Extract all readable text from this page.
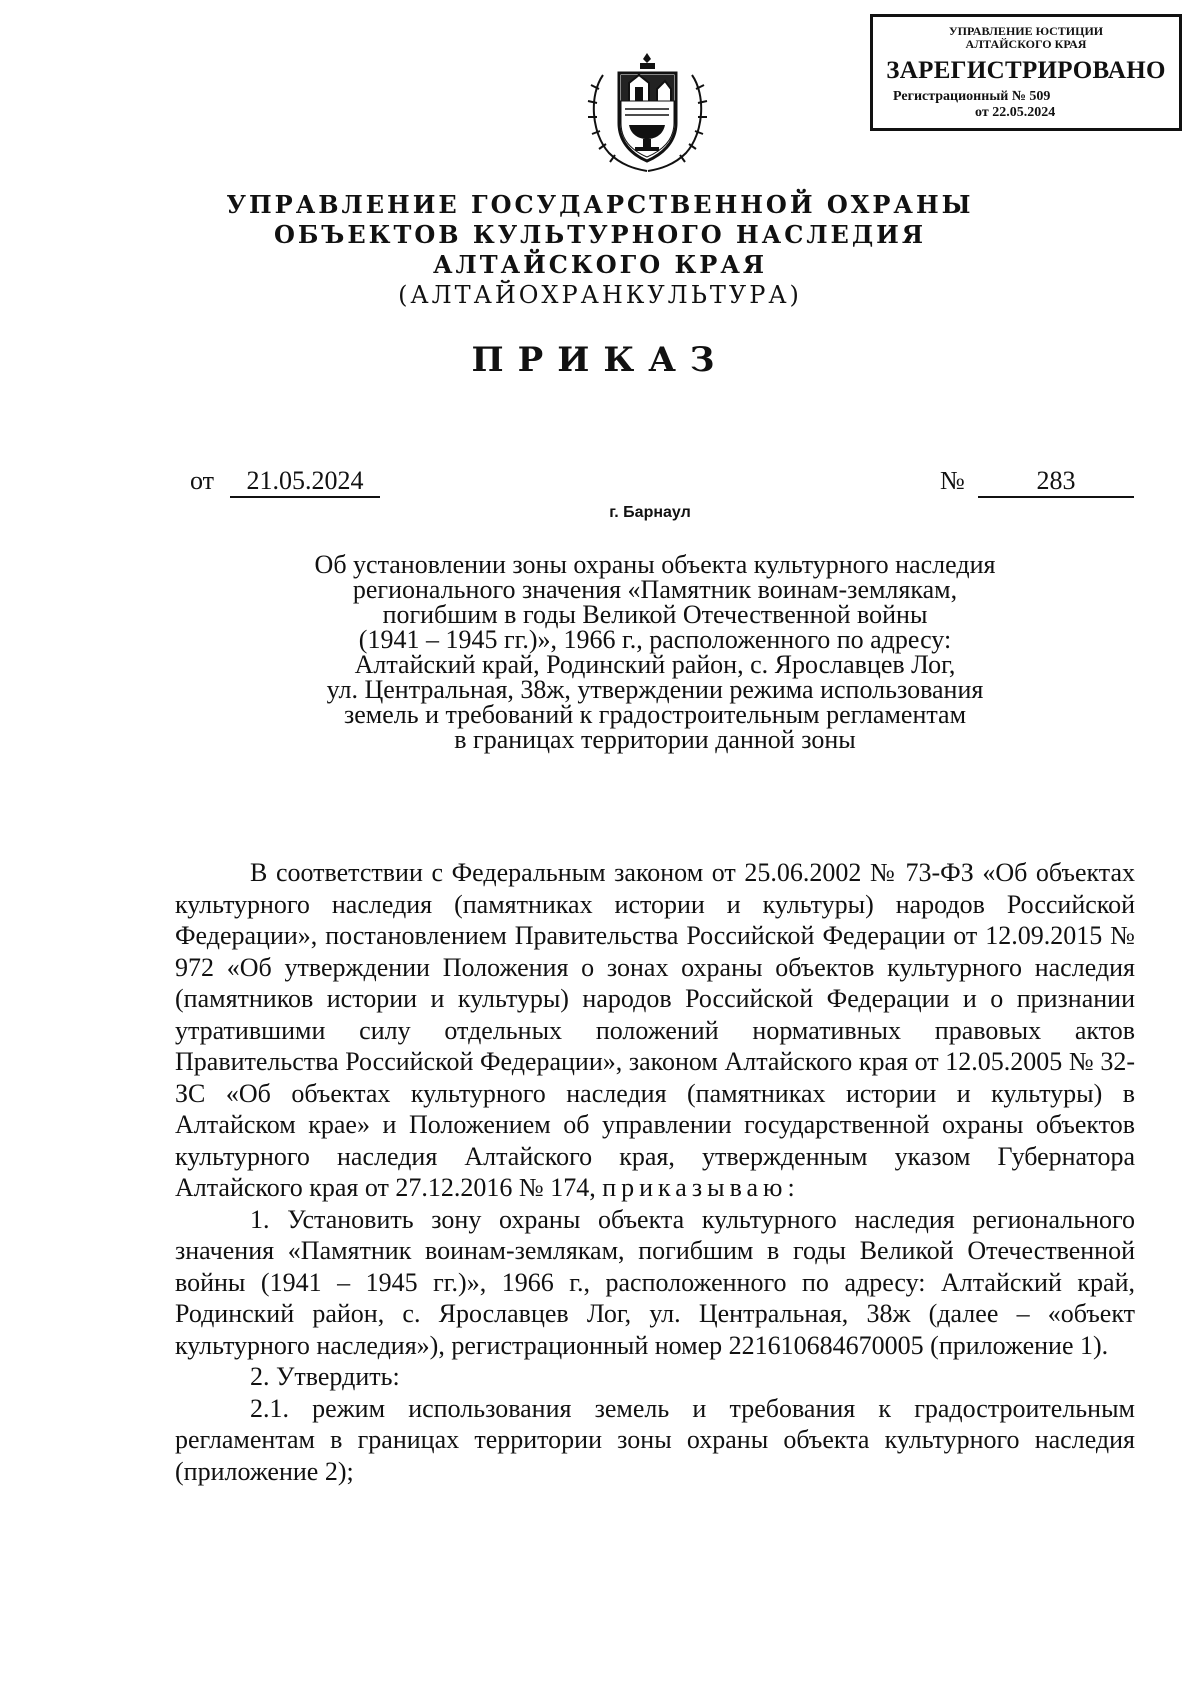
УПРАВЛЕНИЕ ЮСТИЦИИ
АЛТАЙСКОГО КРАЯ
ЗАРЕГИСТРИРОВАНО
Регистрационный № 509
от 22.05.2024
УПРАВЛЕНИЕ ГОСУДАРСТВЕННОЙ ОХРАНЫ
ОБЪЕКТОВ КУЛЬТУРНОГО НАСЛЕДИЯ
АЛТАЙСКОГО КРАЯ
(АЛТАЙОХРАНКУЛЬТУРА)
ПРИКАЗ
от	21.05.2024	№	283
г. Барнаул
Об установлении зоны охраны объекта культурного наследия
регионального значения «Памятник воинам-землякам,
погибшим в годы Великой Отечественной войны
(1941 – 1945 гг.)», 1966 г., расположенного по адресу:
Алтайский край, Родинский район, с. Ярославцев Лог,
ул. Центральная, 38ж, утверждении режима использования
земель и требований к градостроительным регламентам
в границах территории данной зоны

В соответствии с Федеральным законом от 25.06.2002 № 73-ФЗ «Об объектах культурного наследия (памятниках истории и культуры) народов Российской Федерации», постановлением Правительства Российской Федерации от 12.09.2015 № 972 «Об утверждении Положения о зонах охраны объектов культурного наследия (памятников истории и культуры) народов Российской Федерации и о признании утратившими силу отдельных положений нормативных правовых актов Правительства Российской Федерации», законом Алтайского края от 12.05.2005 № 32-ЗС «Об объектах культурного наследия (памятниках истории и культуры) в Алтайском крае» и Положением об управлении государственной охраны объектов культурного наследия Алтайского края, утвержденным указом Губернатора Алтайского края от 27.12.2016 № 174, приказываю:

1. Установить зону охраны объекта культурного наследия регионального значения «Памятник воинам-землякам, погибшим в годы Великой Отечественной войны (1941 – 1945 гг.)», 1966 г., расположенного по адресу: Алтайский край, Родинский район, с. Ярославцев Лог, ул. Центральная, 38ж (далее – «объект культурного наследия»), регистрационный номер 221610684670005 (приложение 1).

2. Утвердить:

2.1. режим использования земель и требования к градостроительным регламентам в границах территории зоны охраны объекта культурного наследия (приложение 2);
